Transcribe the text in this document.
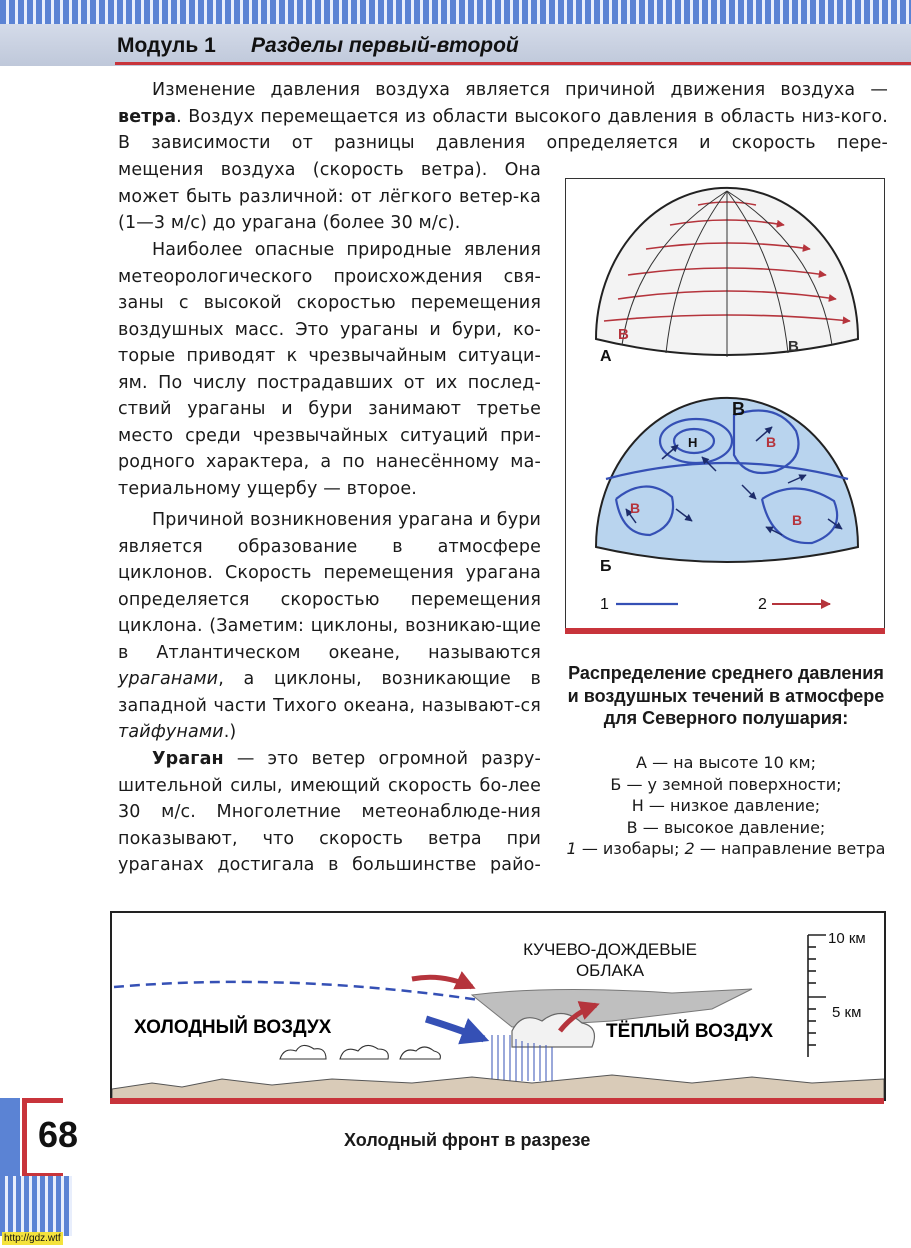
Модуль 1 Разделы первый-второй

Изменение давления воздуха является причиной движения воздуха — ветра. Воздух перемещается из области высокого давления в область низ-кого. В зависимости от разницы давления определяется и скорость пере-

мещения воздуха (скорость ветра). Она может быть различной: от лёгкого ветер-ка (1—3 м/с) до урагана (более 30 м/с).

Наиболее опасные природные явления метеорологического происхождения свя-заны с высокой скоростью перемещения воздушных масс. Это ураганы и бури, ко-торые приводят к чрезвычайным ситуаци-ям. По числу пострадавших от их послед-ствий ураганы и бури занимают третье место среди чрезвычайных ситуаций при-родного характера, а по нанесённому ма-териальному ущербу — второе.

Причиной возникновения урагана и бури является образование в атмосфере циклонов. Скорость перемещения урагана определяется скоростью перемещения циклона. (Заметим: циклоны, возникаю-щие в Атлантическом океане, называются ураганами, а циклоны, возникающие в западной части Тихого океана, называют-ся тайфунами.)

Ураган — это ветер огромной разру-шительной силы, имеющий скорость бо-лее 30 м/с. Многолетние метеонаблюде-ния показывают, что скорость ветра при ураганах достигала в большинстве райо-

В
В
А
Н
В
В
В
В
Б
1	2
Распределение среднего давления и воздушных течений в атмосфере для Северного полушария:
А — на высоте 10 км;
Б — у земной поверхности;
Н — низкое давление;
В — высокое давление;
1 — изобары; 2 — направление ветра
10 км
5 км
КУЧЕВО-ДОЖДЕВЫЕ
ОБЛАКА
ХОЛОДНЫЙ ВОЗДУХ	ТЁПЛЫЙ ВОЗДУХ
Холодный фронт в разрезе
68
http://gdz.wtf
